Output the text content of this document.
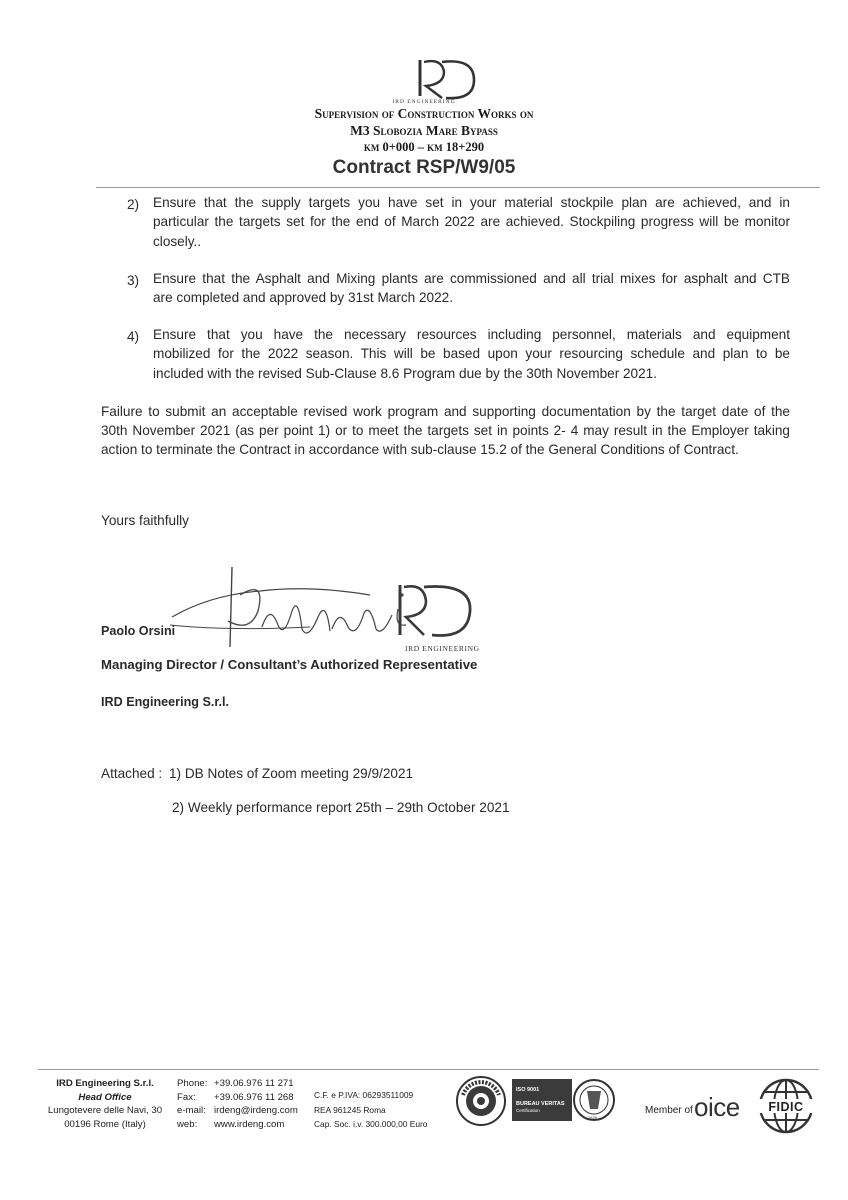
IRD ENGINEERING
Supervision of Construction Works on
M3 Slobozia Mare Bypass
km 0+000 – km 18+290
Contract RSP/W9/05
2)	Ensure that the supply targets you have set in your material stockpile plan are achieved, and in
particular the targets set for the end of March 2022 are achieved. Stockpiling progress will be monitor
closely..
3)	Ensure that the Asphalt and Mixing plants are commissioned and all trial mixes for asphalt and CTB
are completed and approved by 31st March 2022.
4)	Ensure that you have the necessary resources including personnel, materials and equipment
mobilized for the 2022 season. This will be based upon your resourcing schedule and plan to be
included with the revised Sub-Clause 8.6 Program due by the 30th November 2021.
Failure to submit an acceptable revised work program and supporting documentation by the target date of the
30th November 2021 (as per point 1) or to meet the targets set in points 2- 4 may result in the Employer taking
action to terminate the Contract in accordance with sub-clause 15.2 of the General Conditions of Contract.
Yours faithfully
IRD ENGINEERING
Paolo Orsini
Managing Director / Consultant’s Authorized Representative
IRD Engineering S.r.l.
Attached : 1) DB Notes of Zoom meeting 29/9/2021
2) Weekly performance report 25th – 29th October 2021
IRD Engineering S.r.l.
Head Office
Lungotevere delle Navi, 30
00196 Rome (Italy)
Phone: +39.06.976 11 271
Fax: +39.06.976 11 268
e-mail: irdeng@irdeng.com
web: www.irdeng.com
C.F. e P.IVA: 06293511009
REA 961245 Roma
Cap. Soc. i.v. 300.000,00 Euro
ISO 9001
BUREAU VERITAS
Certification
1828
Member of oice FIDIC
